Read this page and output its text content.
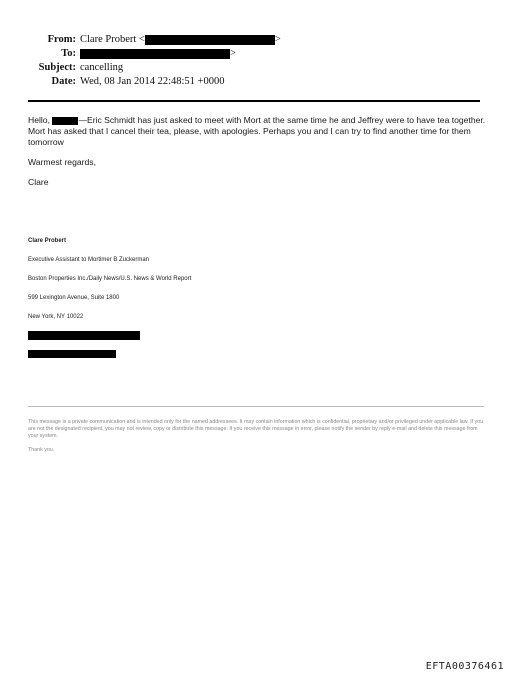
From: Clare Probert <	>
To:	>
Subject: cancelling
Date: Wed, 08 Jan 2014 22:48:51 +0000
Hello,	—Eric Schmidt has just asked to meet with Mort at the same time he and Jeffrey were to have tea together. Mort has asked that I cancel their tea, please, with apologies. Perhaps you and I can try to find another time for them tomorrow
Warmest regards,
Clare
Clare Probert
Executive Assistant to Mortimer B Zuckerman
Boston Properties Inc./Daily News/U.S. News & World Report
599 Lexington Avenue, Suite 1800
New York, NY 10022
This message is a private communication and is intended only for the named addressees. It may contain information which is confidential, proprietary and/or privileged under applicable law. If you are not the designated recipient, you may not review, copy or distribute this message. If you receive this message in error, please notify the sender by reply e-mail and delete this message from your system.
Thank you.
EFTA00376461
